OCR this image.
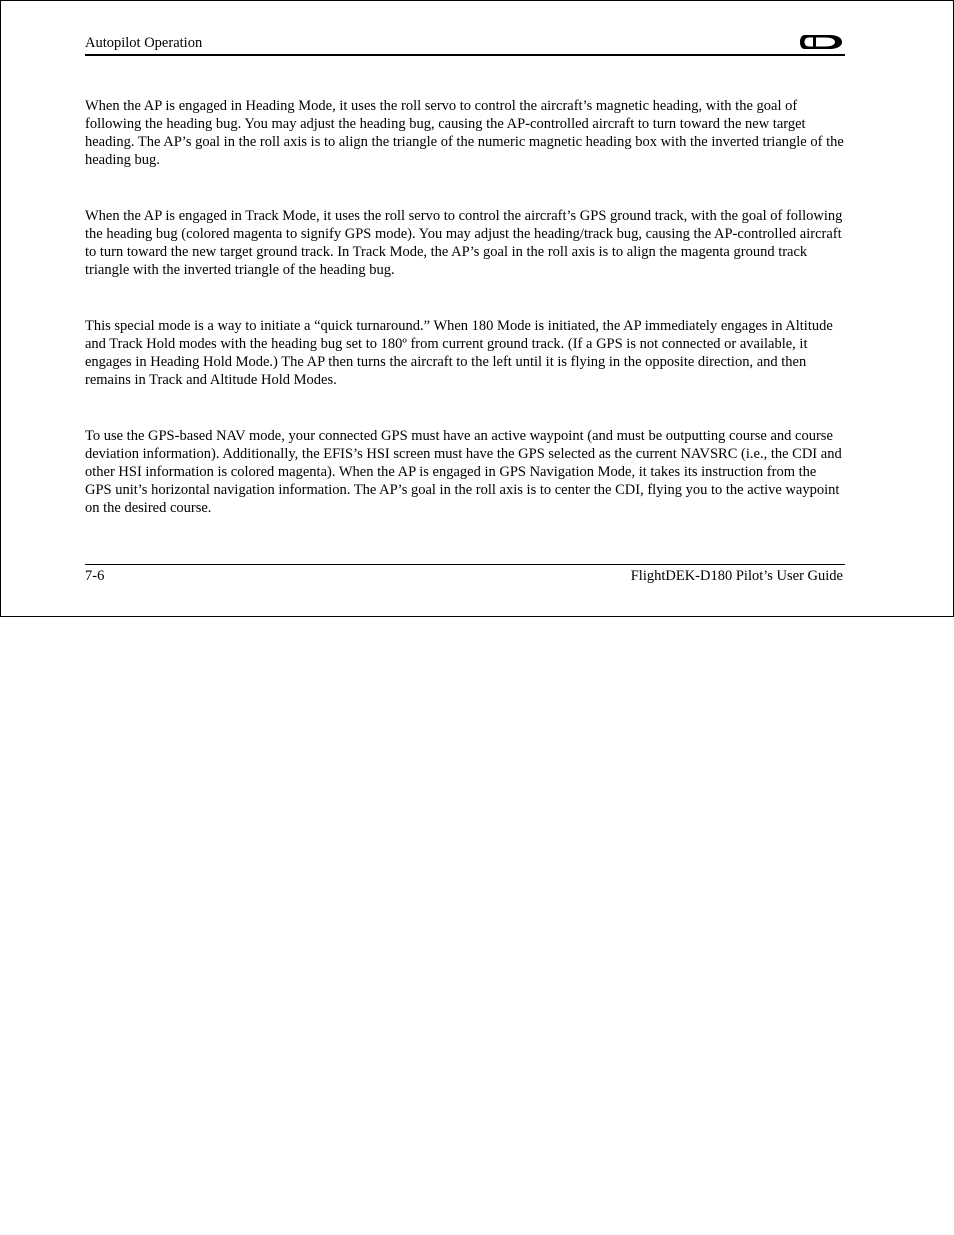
Autopilot Operation

When the AP is engaged in Heading Mode, it uses the roll servo to control the aircraft’s magnetic heading, with the goal of following the heading bug. You may adjust the heading bug, causing the AP-controlled aircraft to turn toward the new target heading. The AP’s goal in the roll axis is to align the triangle of the numeric magnetic heading box with the inverted triangle of the heading bug.

When the AP is engaged in Track Mode, it uses the roll servo to control the aircraft’s GPS ground track, with the goal of following the heading bug (colored magenta to signify GPS mode). You may adjust the heading/track bug, causing the AP-controlled aircraft to turn toward the new target ground track. In Track Mode, the AP’s goal in the roll axis is to align the magenta ground track triangle with the inverted triangle of the heading bug.

This special mode is a way to initiate a “quick turnaround.” When 180 Mode is initiated, the AP immediately engages in Altitude and Track Hold modes with the heading bug set to 180º from current ground track. (If a GPS is not connected or available, it engages in Heading Hold Mode.) The AP then turns the aircraft to the left until it is flying in the opposite direction, and then remains in Track and Altitude Hold Modes.

To use the GPS-based NAV mode, your connected GPS must have an active waypoint (and must be outputting course and course deviation information). Additionally, the EFIS’s HSI screen must have the GPS selected as the current NAVSRC (i.e., the CDI and other HSI information is colored magenta). When the AP is engaged in GPS Navigation Mode, it takes its instruction from the GPS unit’s horizontal navigation information. The AP’s goal in the roll axis is to center the CDI, flying you to the active waypoint on the desired course.

7-6	FlightDEK-D180 Pilot’s User Guide
